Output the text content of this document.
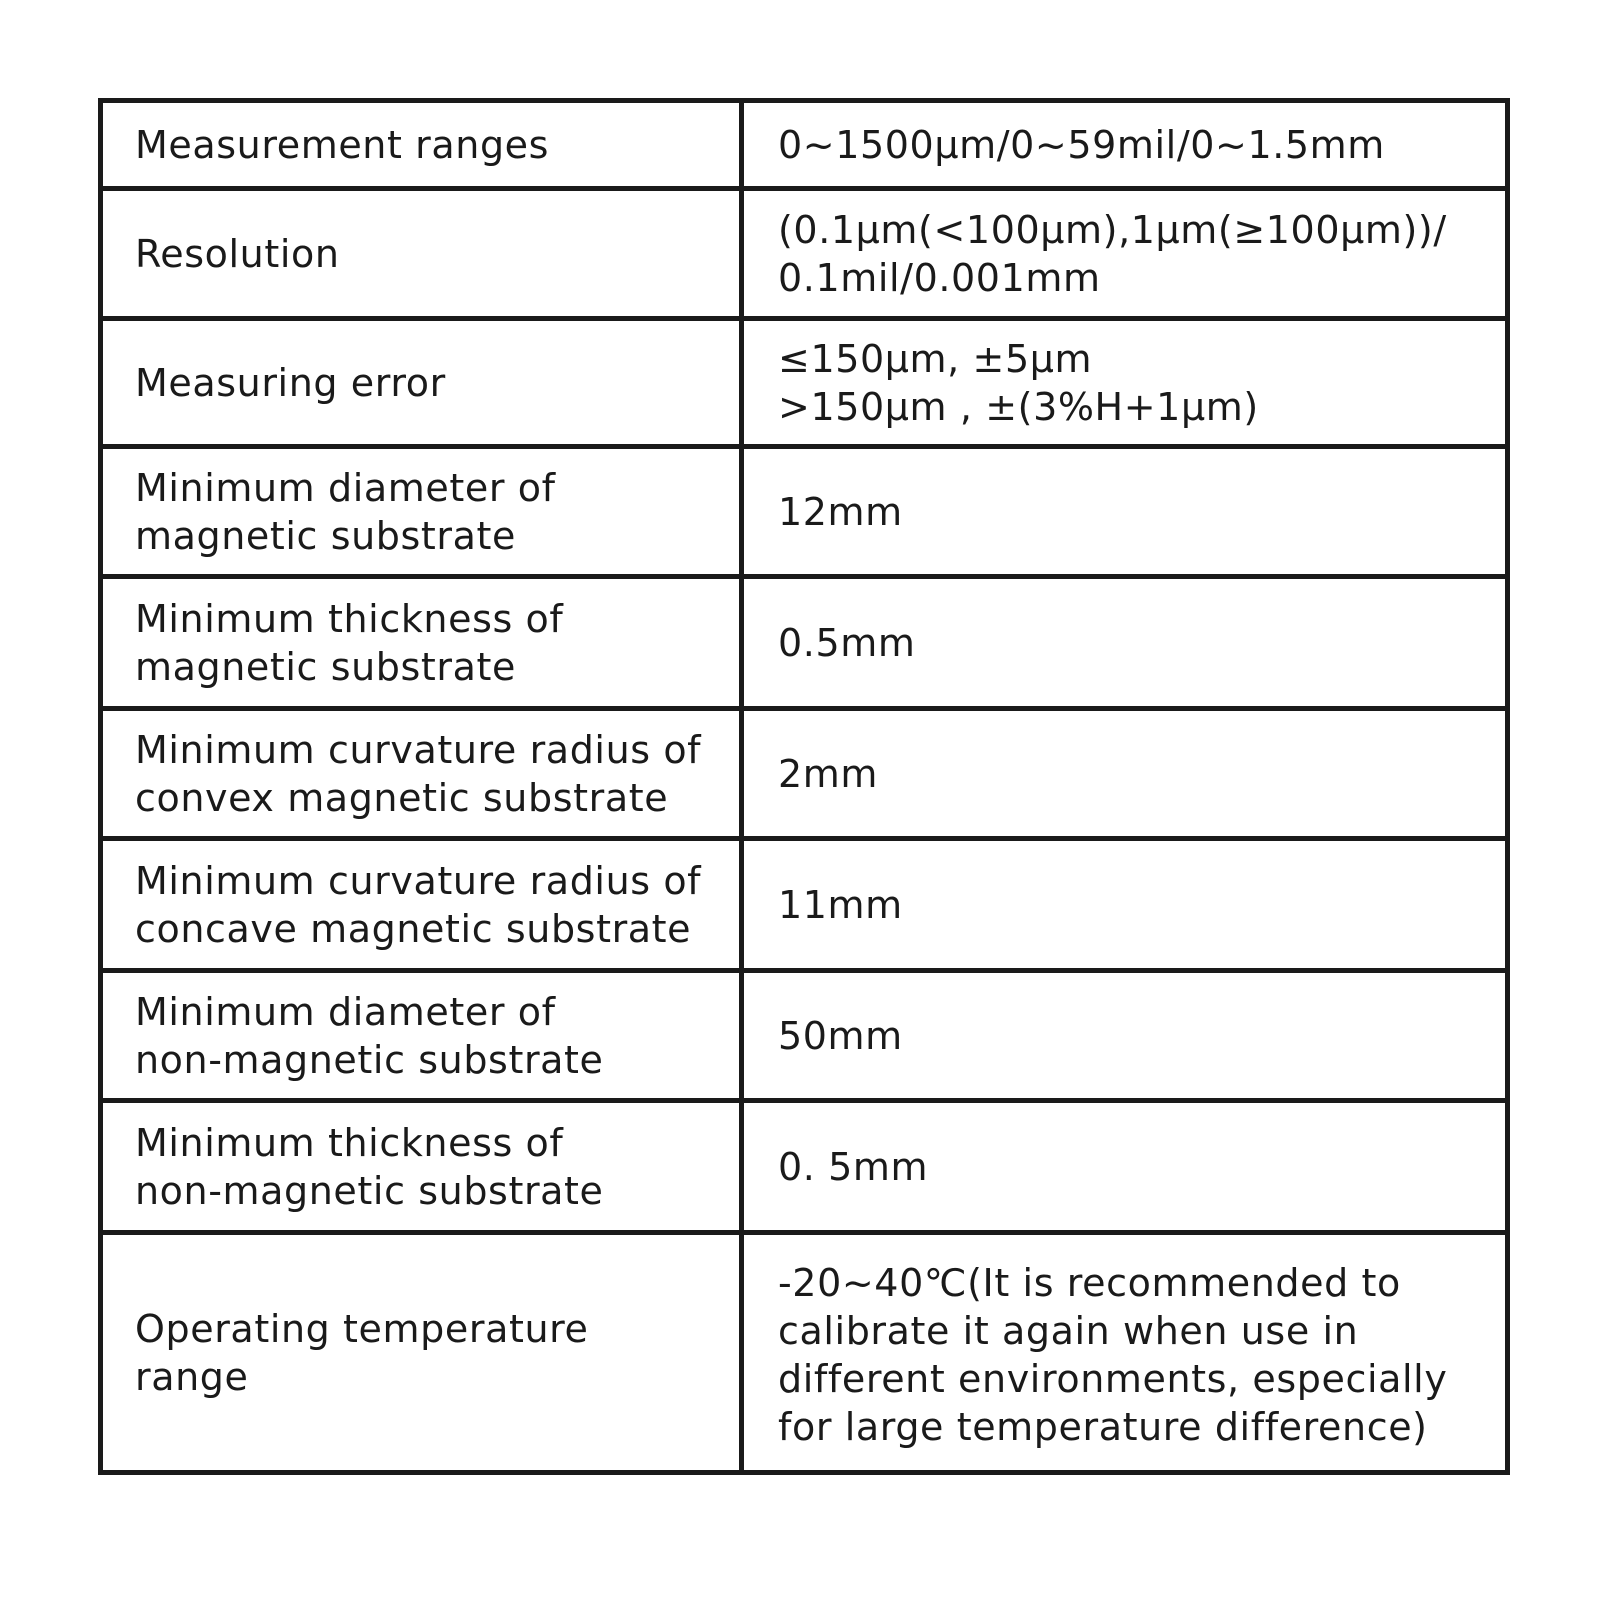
Measurement ranges	0~1500μm/0~59mil/0~1.5mm
Resolution	(0.1μm(<100μm),1μm(≥100μm))/
0.1mil/0.001mm
Measuring error	≤150μm, ±5μm
>150μm , ±(3%H+1μm)
Minimum diameter of
magnetic substrate	12mm
Minimum thickness of
magnetic substrate	0.5mm
Minimum curvature radius of
convex magnetic substrate	2mm
Minimum curvature radius of
concave magnetic substrate	11mm
Minimum diameter of
non-magnetic substrate	50mm
Minimum thickness of
non-magnetic substrate	0. 5mm
Operating temperature
range	-20~40℃(It is recommended to
calibrate it again when use in
different environments, especially
for large temperature difference)
